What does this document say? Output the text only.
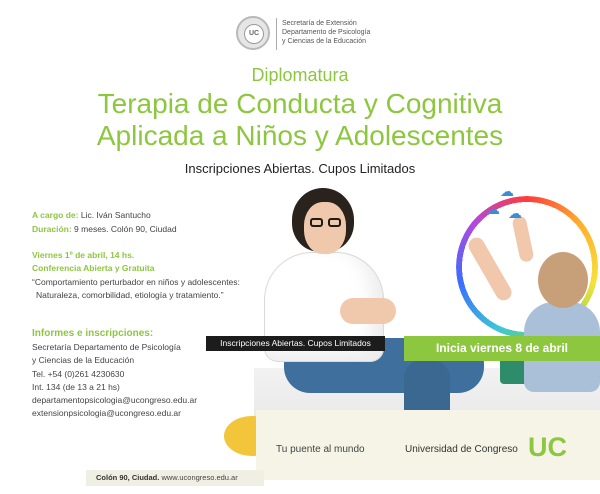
UC
Secretaría de Extensión
Departamento de Psicología
y Ciencias de la Educación
Diplomatura
Terapia de Conducta y Cognitiva
Aplicada a Niños y Adolescentes
Inscripciones Abiertas. Cupos Limitados
A cargo de: Lic. Iván Santucho
Duración: 9 meses. Colón 90, Ciudad
Viernes 1º de abril, 14 hs.
Conferencia Abierta y Gratuita
“Comportamiento perturbador en niños y adolescentes:
Naturaleza, comorbilidad, etiología y tratamiento.”
Informes e inscripciones:
Secretaría Departamento de Psicología
y Ciencias de la Educación
Tel. +54 (0)261 4230630
Int. 134 (de 13 a 21 hs)
departamentopsicologia@ucongreso.edu.ar
extensionpsicologia@ucongreso.edu.ar
☁
☁ ☁
Inscripciones Abiertas. Cupos Limitados	Inicia viernes 8 de abril
Tu puente al mundo	Universidad de Congreso UC
Colón 90, Ciudad. www.ucongreso.edu.ar
